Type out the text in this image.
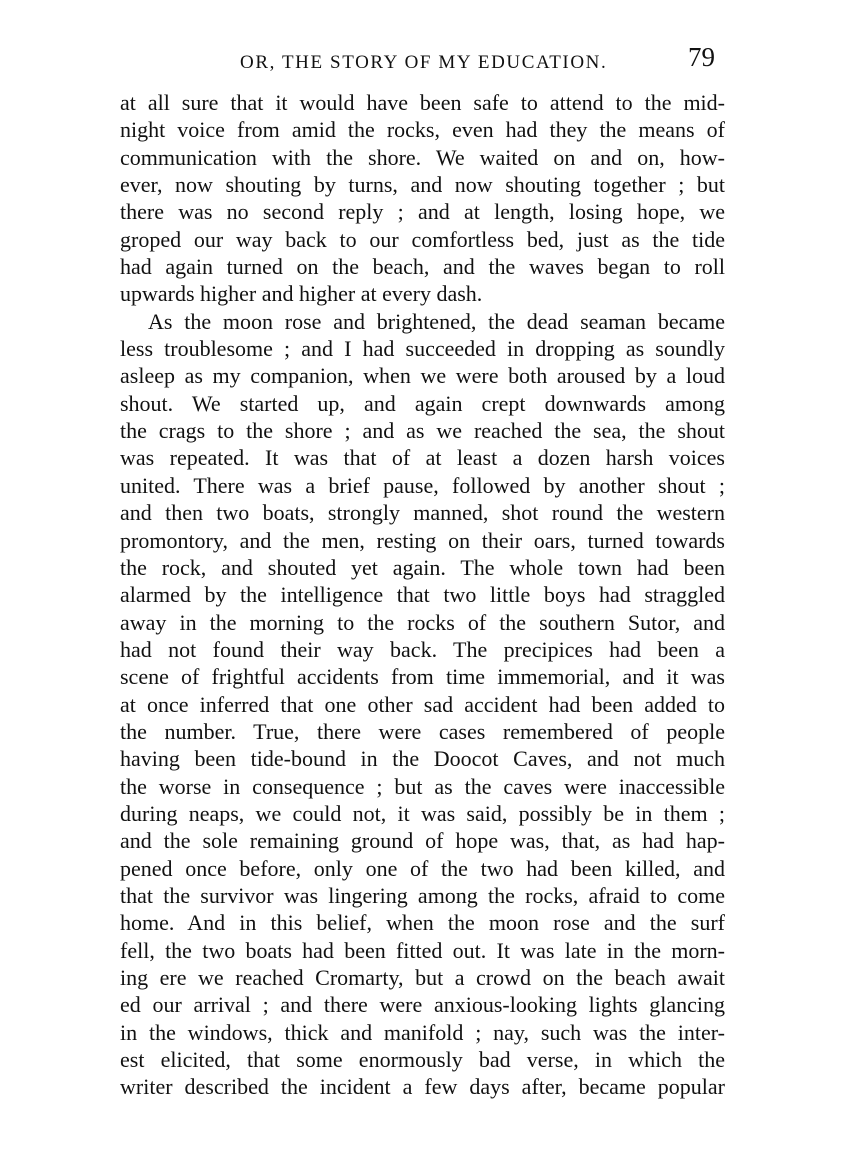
OR, THE STORY OF MY EDUCATION.	79
at all sure that it would have been safe to attend to the mid-
night voice from amid the rocks, even had they the means of
communication with the shore. We waited on and on, how-
ever, now shouting by turns, and now shouting together ; but
there was no second reply ; and at length, losing hope, we
groped our way back to our comfortless bed, just as the tide
had again turned on the beach, and the waves began to roll
upwards higher and higher at every dash.
As the moon rose and brightened, the dead seaman became
less troublesome ; and I had succeeded in dropping as soundly
asleep as my companion, when we were both aroused by a loud
shout. We started up, and again crept downwards among
the crags to the shore ; and as we reached the sea, the shout
was repeated. It was that of at least a dozen harsh voices
united. There was a brief pause, followed by another shout ;
and then two boats, strongly manned, shot round the western
promontory, and the men, resting on their oars, turned towards
the rock, and shouted yet again. The whole town had been
alarmed by the intelligence that two little boys had straggled
away in the morning to the rocks of the southern Sutor, and
had not found their way back. The precipices had been a
scene of frightful accidents from time immemorial, and it was
at once inferred that one other sad accident had been added to
the number. True, there were cases remembered of people
having been tide-bound in the Doocot Caves, and not much
the worse in consequence ; but as the caves were inaccessible
during neaps, we could not, it was said, possibly be in them ;
and the sole remaining ground of hope was, that, as had hap-
pened once before, only one of the two had been killed, and
that the survivor was lingering among the rocks, afraid to come
home. And in this belief, when the moon rose and the surf
fell, the two boats had been fitted out. It was late in the morn-
ing ere we reached Cromarty, but a crowd on the beach await
ed our arrival ; and there were anxious-looking lights glancing
in the windows, thick and manifold ; nay, such was the inter-
est elicited, that some enormously bad verse, in which the
writer described the incident a few days after, became popular
